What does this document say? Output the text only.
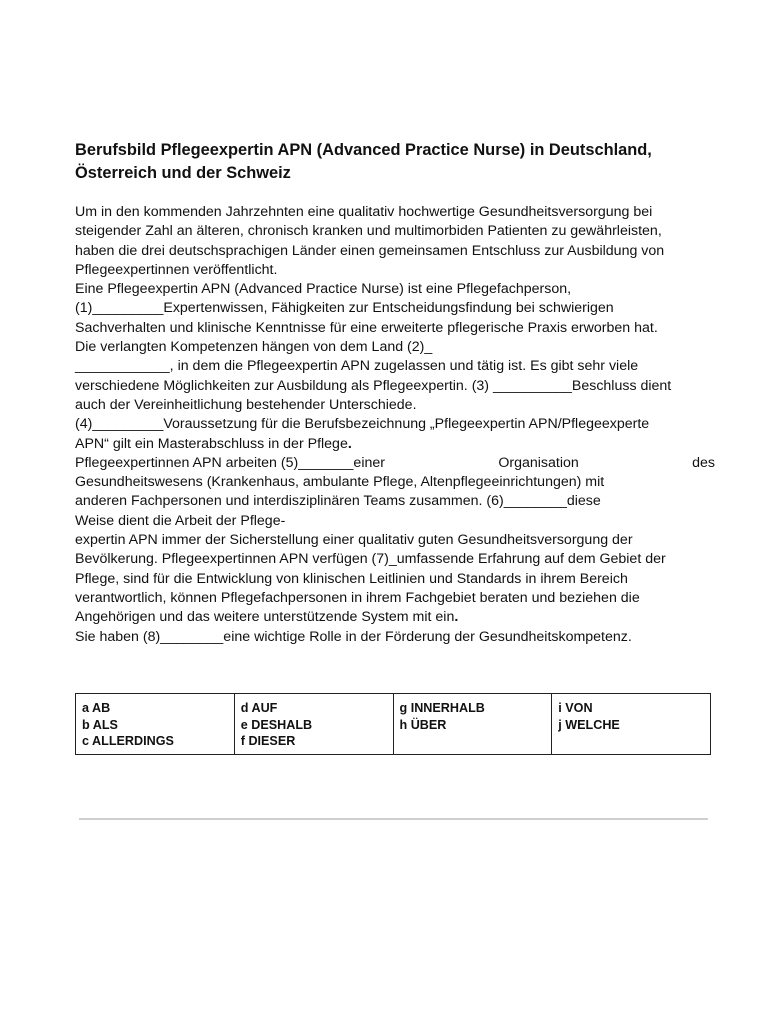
Berufsbild Pflegeexpertin APN (Advanced Practice Nurse) in Deutschland, Österreich und der Schweiz
Um in den kommenden Jahrzehnten eine qualitativ hochwertige Gesundheitsversorgung bei
steigender Zahl an älteren, chronisch kranken und multimorbiden Patienten zu gewährleisten,
haben die drei deutschsprachigen Länder einen gemeinsamen Entschluss zur Ausbildung von
Pflegeexpertinnen veröffentlicht.
Eine Pflegeexpertin APN (Advanced Practice Nurse) ist eine Pflegefachperson,
(1)_________Expertenwissen, Fähigkeiten zur Entscheidungsfindung bei schwierigen
Sachverhalten und klinische Kenntnisse für eine erweiterte pflegerische Praxis erworben hat.
Die verlangten Kompetenzen hängen von dem Land (2)_
____________, in dem die Pflegeexpertin APN zugelassen und tätig ist. Es gibt sehr viele
verschiedene Möglichkeiten zur Ausbildung als Pflegeexpertin. (3) __________Beschluss dient
auch der Vereinheitlichung bestehender Unterschiede.
(4)_________Voraussetzung für die Berufsbezeichnung „Pflegeexpertin APN/Pflegeexperte
APN“ gilt ein Masterabschluss in der Pflege.
Pflegeexpertinnen APN arbeiten (5)_______einer	Organisation	des
Gesundheitswesens (Krankenhaus, ambulante Pflege, Altenpflegeeinrichtungen) mit
anderen Fachpersonen und interdisziplinären Teams zusammen. (6)________diese
Weise dient die Arbeit der Pflege-
expertin APN immer der Sicherstellung einer qualitativ guten Gesundheitsversorgung der
Bevölkerung. Pflegeexpertinnen APN verfügen (7)_umfassende Erfahrung auf dem Gebiet der
Pflege, sind für die Entwicklung von klinischen Leitlinien und Standards in ihrem Bereich
verantwortlich, können Pflegefachpersonen in ihrem Fachgebiet beraten und beziehen die
Angehörigen und das weitere unterstützende System mit ein.
Sie haben (8)________eine wichtige Rolle in der Förderung der Gesundheitskompetenz.
a AB
b ALS
c ALLERDINGS

d AUF
e DESHALB
f DIESER

g INNERHALB
h ÜBER

i VON
j WELCHE
